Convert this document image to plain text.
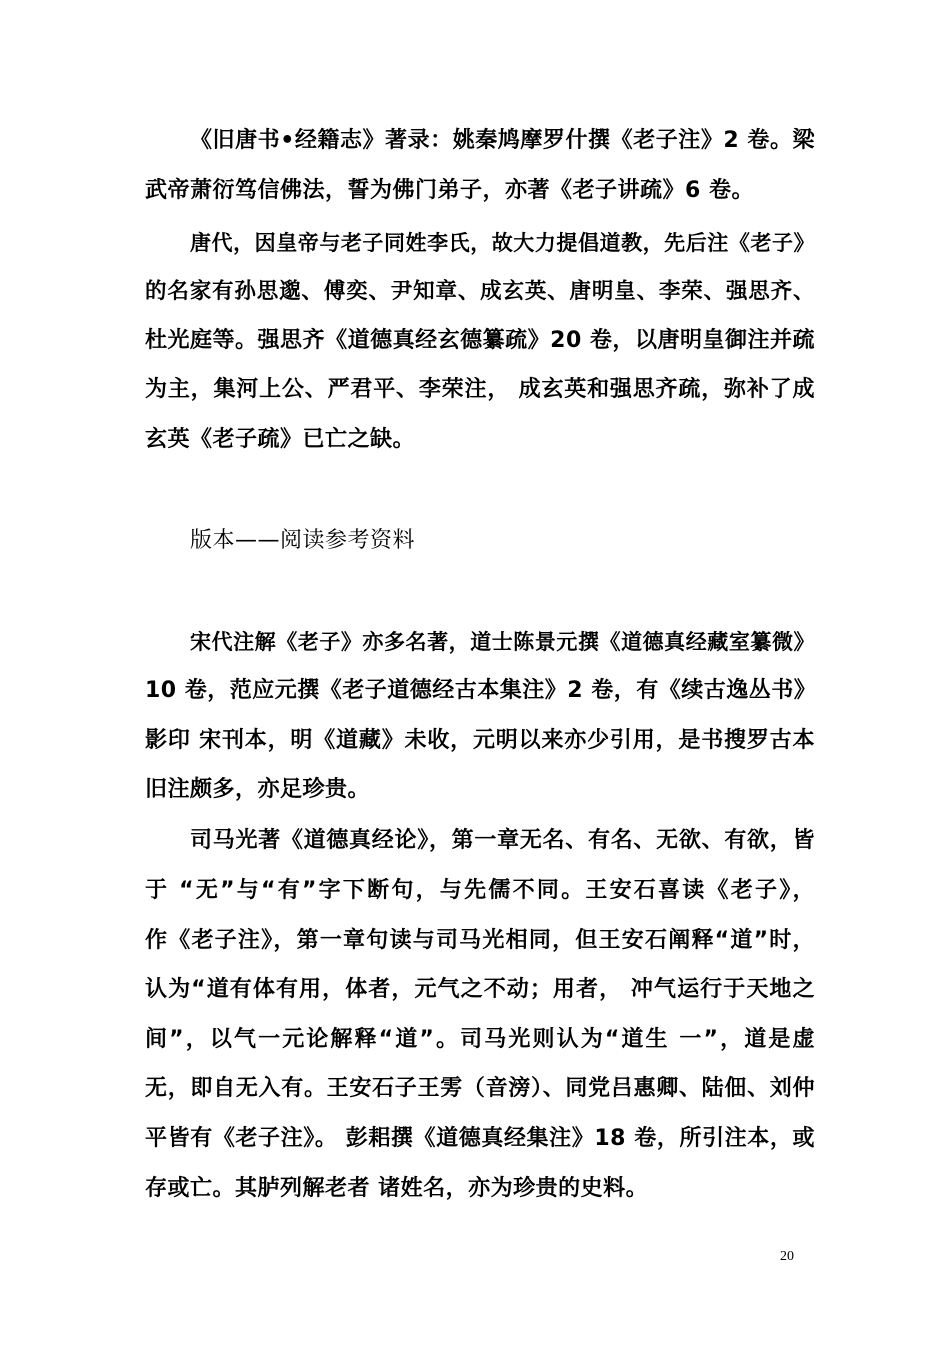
《旧唐书•经籍志》著录：姚秦鸠摩罗什撰《老子注》2 卷。梁
武帝萧衍笃信佛法，誓为佛门弟子，亦著《老子讲疏》6 卷。
唐代，因皇帝与老子同姓李氏，故大力提倡道教，先后注《老子》
的名家有孙思邈、傅奕、尹知章、成玄英、唐明皇、李荣、强思齐、
杜光庭等。强思齐《道德真经玄德纂疏》20 卷，以唐明皇御注并疏
为主，集河上公、严君平、李荣注， 成玄英和强思齐疏，弥补了成
玄英《老子疏》已亡之缺。
版本——阅读参考资料
宋代注解《老子》亦多名著，道士陈景元撰《道德真经藏室纂微》
10 卷，范应元撰《老子道德经古本集注》2 卷，有《续古逸丛书》
影印 宋刊本，明《道藏》未收，元明以来亦少引用，是书搜罗古本
旧注颇多，亦足珍贵。
司马光著《道德真经论》，第一章无名、有名、无欲、有欲，皆
于 “无”与“有”字下断句，与先儒不同。王安石喜读《老子》，
作《老子注》，第一章句读与司马光相同，但王安石阐释“道”时，
认为“道有体有用，体者，元气之不动；用者， 冲气运行于天地之
间”，以气一元论解释“道”。司马光则认为“道生 一”，道是虚
无，即自无入有。王安石子王雱（音滂）、同党吕惠卿、陆佃、刘仲
平皆有《老子注》。 彭耜撰《道德真经集注》18 卷，所引注本，或
存或亡。其胪列解老者 诸姓名，亦为珍贵的史料。
20
